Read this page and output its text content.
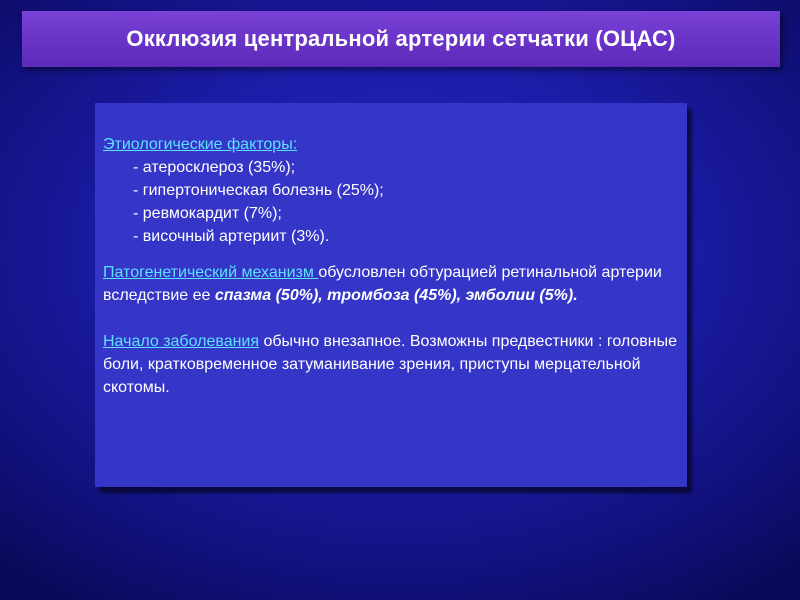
Окклюзия центральной артерии сетчатки (ОЦАС)

Этиологические факторы:

- атеросклероз (35%);
- гипертоническая болезнь (25%);
- ревмокардит (7%);
- височный артериит (3%).

Патогенетический механизм обусловлен обтурацией ретинальной артерии вследствие ее спазма (50%), тромбоза (45%), эмболии (5%).

Начало заболевания обычно внезапное. Возможны предвестники : головные боли, кратковременное затуманивание зрения, приступы мерцательной скотомы.
